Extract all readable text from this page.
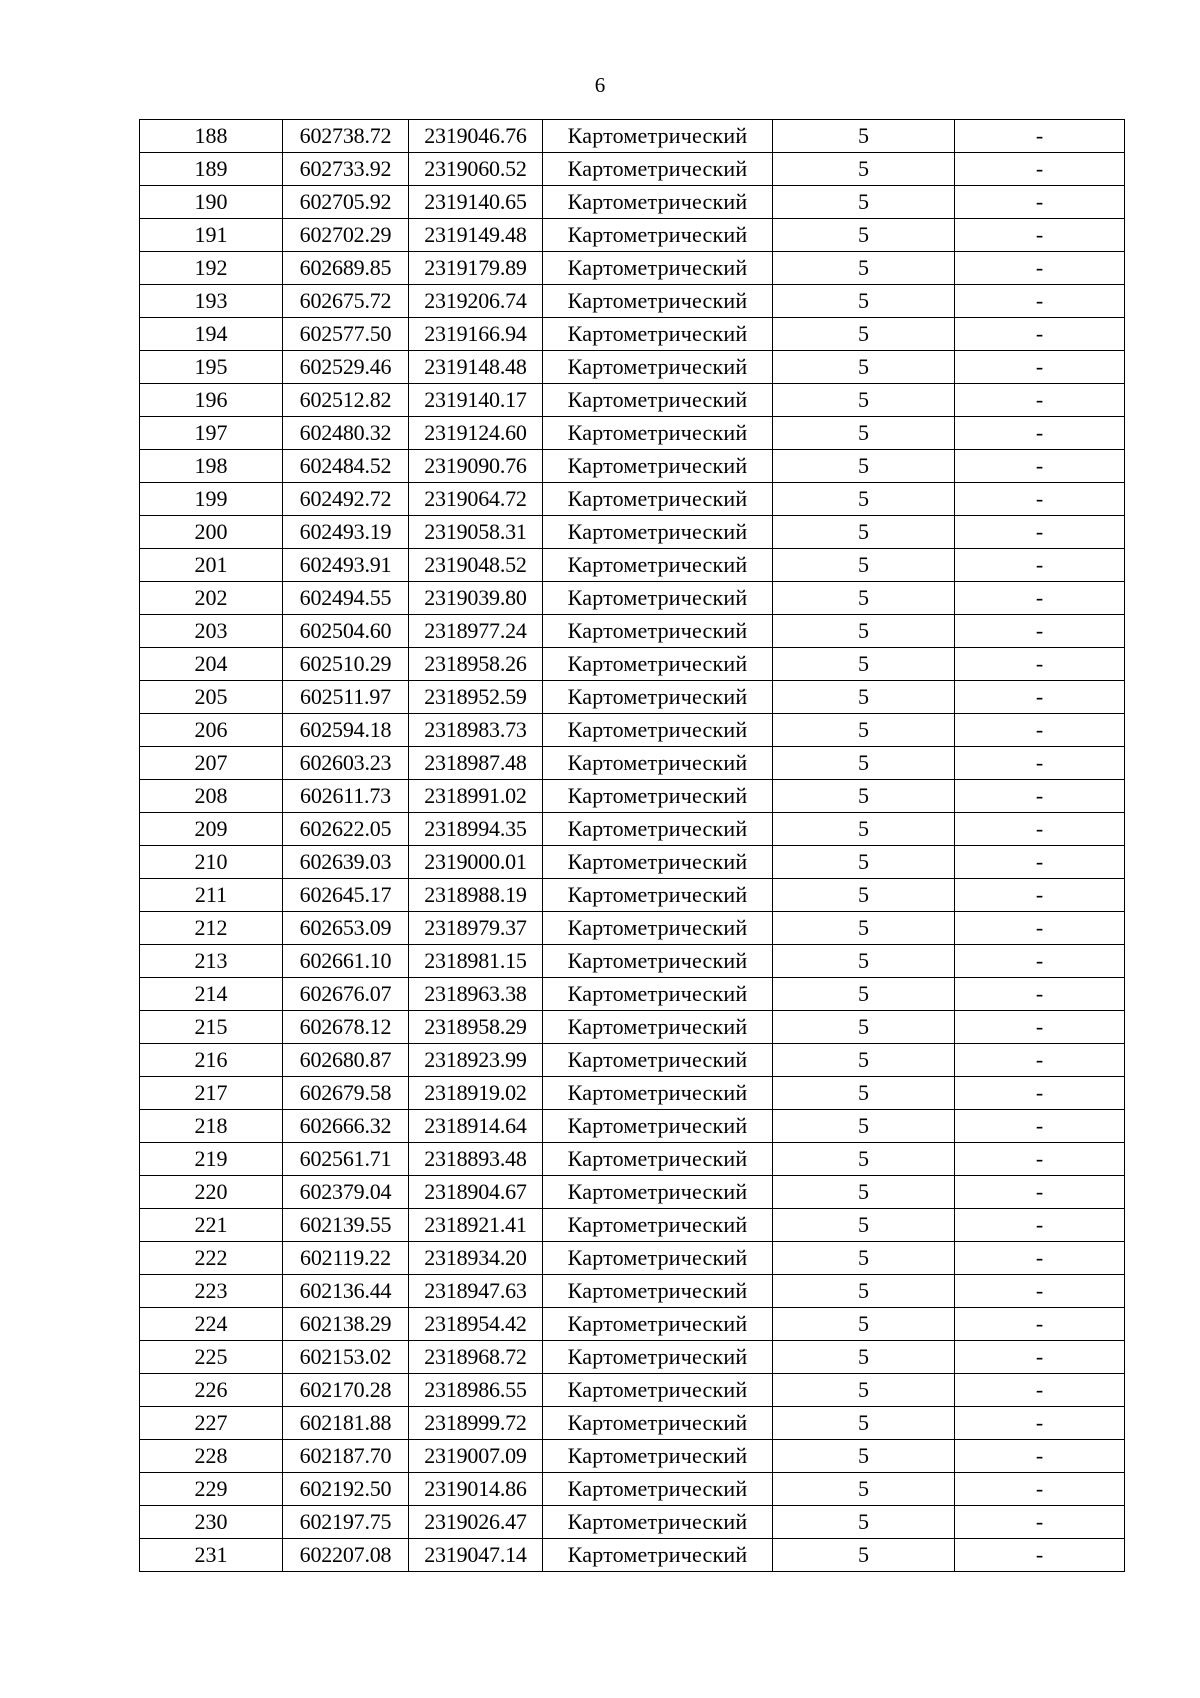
6
188	602738.72	2319046.76	Картометрический	5	-
189	602733.92	2319060.52	Картометрический	5	-
190	602705.92	2319140.65	Картометрический	5	-
191	602702.29	2319149.48	Картометрический	5	-
192	602689.85	2319179.89	Картометрический	5	-
193	602675.72	2319206.74	Картометрический	5	-
194	602577.50	2319166.94	Картометрический	5	-
195	602529.46	2319148.48	Картометрический	5	-
196	602512.82	2319140.17	Картометрический	5	-
197	602480.32	2319124.60	Картометрический	5	-
198	602484.52	2319090.76	Картометрический	5	-
199	602492.72	2319064.72	Картометрический	5	-
200	602493.19	2319058.31	Картометрический	5	-
201	602493.91	2319048.52	Картометрический	5	-
202	602494.55	2319039.80	Картометрический	5	-
203	602504.60	2318977.24	Картометрический	5	-
204	602510.29	2318958.26	Картометрический	5	-
205	602511.97	2318952.59	Картометрический	5	-
206	602594.18	2318983.73	Картометрический	5	-
207	602603.23	2318987.48	Картометрический	5	-
208	602611.73	2318991.02	Картометрический	5	-
209	602622.05	2318994.35	Картометрический	5	-
210	602639.03	2319000.01	Картометрический	5	-
211	602645.17	2318988.19	Картометрический	5	-
212	602653.09	2318979.37	Картометрический	5	-
213	602661.10	2318981.15	Картометрический	5	-
214	602676.07	2318963.38	Картометрический	5	-
215	602678.12	2318958.29	Картометрический	5	-
216	602680.87	2318923.99	Картометрический	5	-
217	602679.58	2318919.02	Картометрический	5	-
218	602666.32	2318914.64	Картометрический	5	-
219	602561.71	2318893.48	Картометрический	5	-
220	602379.04	2318904.67	Картометрический	5	-
221	602139.55	2318921.41	Картометрический	5	-
222	602119.22	2318934.20	Картометрический	5	-
223	602136.44	2318947.63	Картометрический	5	-
224	602138.29	2318954.42	Картометрический	5	-
225	602153.02	2318968.72	Картометрический	5	-
226	602170.28	2318986.55	Картометрический	5	-
227	602181.88	2318999.72	Картометрический	5	-
228	602187.70	2319007.09	Картометрический	5	-
229	602192.50	2319014.86	Картометрический	5	-
230	602197.75	2319026.47	Картометрический	5	-
231	602207.08	2319047.14	Картометрический	5	-
